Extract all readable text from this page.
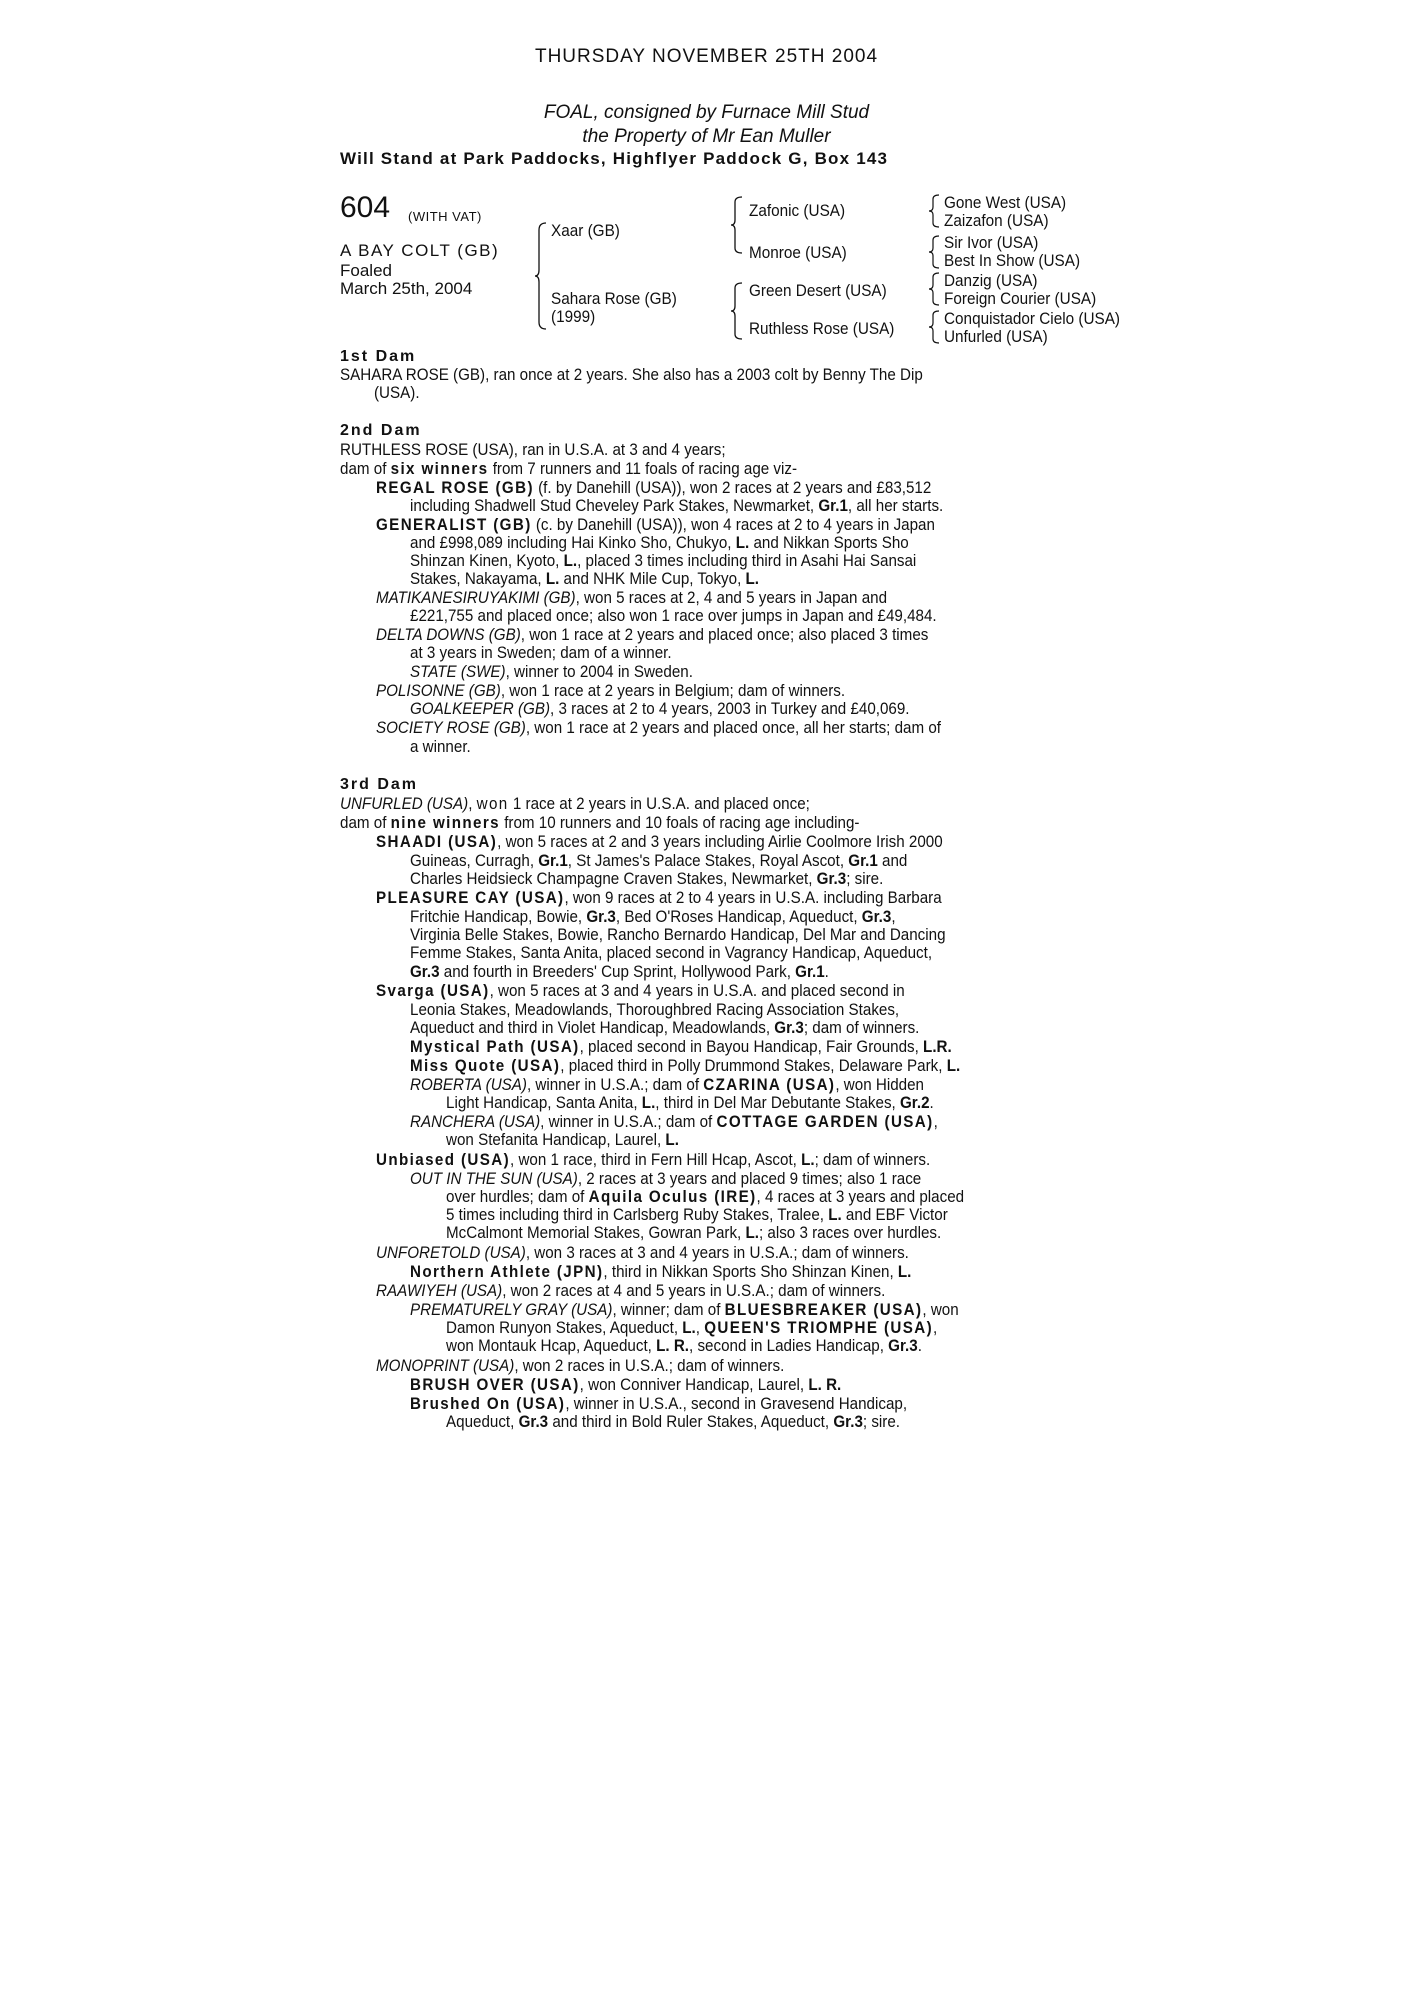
THURSDAY NOVEMBER 25TH 2004
FOAL, consigned by Furnace Mill Stud
the Property of Mr Ean Muller
Will Stand at Park Paddocks, Highflyer Paddock G, Box 143
604 (WITH VAT)
A BAY COLT (GB)
Foaled
March 25th, 2004
Xaar (GB)
Sahara Rose (GB)
(1999)
Zafonic (USA)
Monroe (USA)
Green Desert (USA)
Ruthless Rose (USA)
Gone West (USA)
Zaizafon (USA)
Sir Ivor (USA)
Best In Show (USA)
Danzig (USA)
Foreign Courier (USA)
Conquistador Cielo (USA)
Unfurled (USA)
1st Dam
SAHARA ROSE (GB), ran once at 2 years. She also has a 2003 colt by Benny The Dip
(USA).
2nd Dam
RUTHLESS ROSE (USA), ran in U.S.A. at 3 and 4 years;
dam of six winners from 7 runners and 11 foals of racing age viz-
REGAL ROSE (GB) (f. by Danehill (USA)), won 2 races at 2 years and £83,512
including Shadwell Stud Cheveley Park Stakes, Newmarket, Gr.1, all her starts.
GENERALIST (GB) (c. by Danehill (USA)), won 4 races at 2 to 4 years in Japan
and £998,089 including Hai Kinko Sho, Chukyo, L. and Nikkan Sports Sho
Shinzan Kinen, Kyoto, L., placed 3 times including third in Asahi Hai Sansai
Stakes, Nakayama, L. and NHK Mile Cup, Tokyo, L.
MATIKANESIRUYAKIMI (GB), won 5 races at 2, 4 and 5 years in Japan and
£221,755 and placed once; also won 1 race over jumps in Japan and £49,484.
DELTA DOWNS (GB), won 1 race at 2 years and placed once; also placed 3 times
at 3 years in Sweden; dam of a winner.
STATE (SWE), winner to 2004 in Sweden.
POLISONNE (GB), won 1 race at 2 years in Belgium; dam of winners.
GOALKEEPER (GB), 3 races at 2 to 4 years, 2003 in Turkey and £40,069.
SOCIETY ROSE (GB), won 1 race at 2 years and placed once, all her starts; dam of
a winner.
3rd Dam
UNFURLED (USA), won 1 race at 2 years in U.S.A. and placed once;
dam of nine winners from 10 runners and 10 foals of racing age including-
SHAADI (USA), won 5 races at 2 and 3 years including Airlie Coolmore Irish 2000
Guineas, Curragh, Gr.1, St James's Palace Stakes, Royal Ascot, Gr.1 and
Charles Heidsieck Champagne Craven Stakes, Newmarket, Gr.3; sire.
PLEASURE CAY (USA), won 9 races at 2 to 4 years in U.S.A. including Barbara
Fritchie Handicap, Bowie, Gr.3, Bed O'Roses Handicap, Aqueduct, Gr.3,
Virginia Belle Stakes, Bowie, Rancho Bernardo Handicap, Del Mar and Dancing
Femme Stakes, Santa Anita, placed second in Vagrancy Handicap, Aqueduct,
Gr.3 and fourth in Breeders' Cup Sprint, Hollywood Park, Gr.1.
Svarga (USA), won 5 races at 3 and 4 years in U.S.A. and placed second in
Leonia Stakes, Meadowlands, Thoroughbred Racing Association Stakes,
Aqueduct and third in Violet Handicap, Meadowlands, Gr.3; dam of winners.
Mystical Path (USA), placed second in Bayou Handicap, Fair Grounds, L.R.
Miss Quote (USA), placed third in Polly Drummond Stakes, Delaware Park, L.
ROBERTA (USA), winner in U.S.A.; dam of CZARINA (USA), won Hidden
Light Handicap, Santa Anita, L., third in Del Mar Debutante Stakes, Gr.2.
RANCHERA (USA), winner in U.S.A.; dam of COTTAGE GARDEN (USA),
won Stefanita Handicap, Laurel, L.
Unbiased (USA), won 1 race, third in Fern Hill Hcap, Ascot, L.; dam of winners.
OUT IN THE SUN (USA), 2 races at 3 years and placed 9 times; also 1 race
over hurdles; dam of Aquila Oculus (IRE), 4 races at 3 years and placed
5 times including third in Carlsberg Ruby Stakes, Tralee, L. and EBF Victor
McCalmont Memorial Stakes, Gowran Park, L.; also 3 races over hurdles.
UNFORETOLD (USA), won 3 races at 3 and 4 years in U.S.A.; dam of winners.
Northern Athlete (JPN), third in Nikkan Sports Sho Shinzan Kinen, L.
RAAWIYEH (USA), won 2 races at 4 and 5 years in U.S.A.; dam of winners.
PREMATURELY GRAY (USA), winner; dam of BLUESBREAKER (USA), won
Damon Runyon Stakes, Aqueduct, L., QUEEN'S TRIOMPHE (USA),
won Montauk Hcap, Aqueduct, L. R., second in Ladies Handicap, Gr.3.
MONOPRINT (USA), won 2 races in U.S.A.; dam of winners.
BRUSH OVER (USA), won Conniver Handicap, Laurel, L. R.
Brushed On (USA), winner in U.S.A., second in Gravesend Handicap,
Aqueduct, Gr.3 and third in Bold Ruler Stakes, Aqueduct, Gr.3; sire.
